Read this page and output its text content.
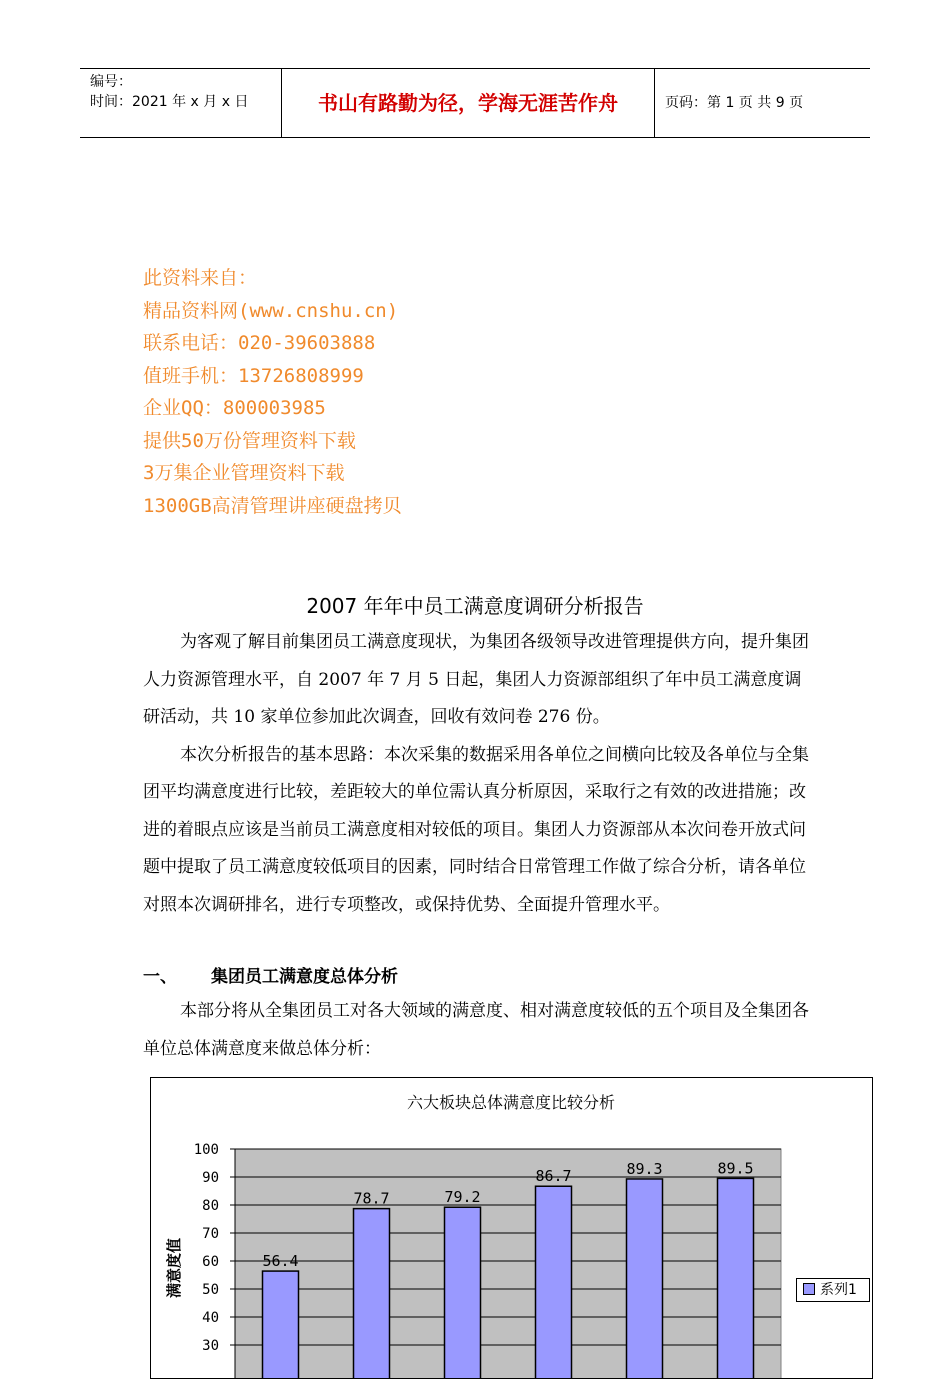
编号：
时间：2021 年 x 月 x 日	书山有路勤为径，学海无涯苦作舟	页码：第 1 页 共 9 页
此资料来自：
精品资料网(www.cnshu.cn)
联系电话：020-39603888
值班手机：13726808999
企业QQ：800003985
提供50万份管理资料下载
3万集企业管理资料下载
1300GB高清管理讲座硬盘拷贝
2007 年年中员工满意度调研分析报告

为客观了解目前集团员工满意度现状，为集团各级领导改进管理提供方向，提升集团人力资源管理水平，自 2007 年 7 月 5 日起，集团人力资源部组织了年中员工满意度调研活动，共 10 家单位参加此次调查，回收有效问卷 276 份。

本次分析报告的基本思路：本次采集的数据采用各单位之间横向比较及各单位与全集团平均满意度进行比较，差距较大的单位需认真分析原因，采取行之有效的改进措施；改进的着眼点应该是当前员工满意度相对较低的项目。集团人力资源部从本次问卷开放式问题中提取了员工满意度较低项目的因素，同时结合日常管理工作做了综合分析，请各单位对照本次调研排名，进行专项整改，或保持优势、全面提升管理水平。

一、 集团员工满意度总体分析

本部分将从全集团员工对各大领域的满意度、相对满意度较低的五个项目及全集团各单位总体满意度来做总体分析：

100
90
80
70
60
50
40
30
六大板块总体满意度比较分析
满意度值	56.4
78.7	79.2
86.7	89.3	89.5
系列1
